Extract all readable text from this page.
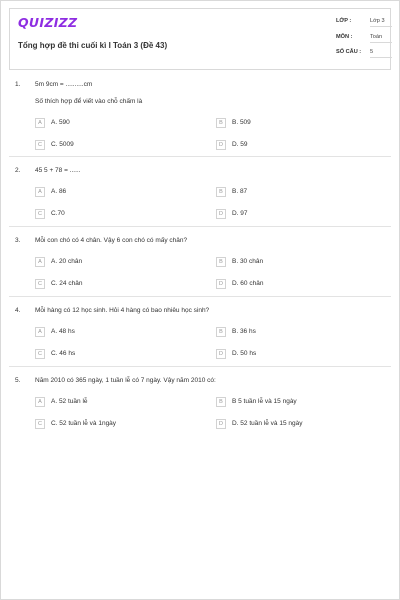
QUIZIZZ
Tổng hợp đề thi cuối kì I Toán 3 (Đề 43)
LỚP :	Lớp 3
MÔN :	Toán
SỐ CÂU : 5
1. 5m 9cm = ..........cm
Số thích hợp để viết vào chỗ chấm là
A	A. 590	B	B. 509
C	C. 5009	D	D. 59
2. 45 5 + 78 = ......
A	A. 86	B	B. 87
C	C.70	D	D. 97
3. Mỗi con chó có 4 chân. Vậy 6 con chó có mấy chân?
A	A. 20 chân	B	B. 30 chân
C	C. 24 chân	D	D. 60 chân
4. Mỗi hàng có 12 học sinh. Hỏi 4 hàng có bao nhiêu học sinh?
A	A. 48 hs	B	B. 36 hs
C	C. 46 hs	D	D. 50 hs
5. Năm 2010 có 365 ngày, 1 tuần lễ có 7 ngày. Vậy năm 2010 có:
A	A. 52 tuần lễ	B	B 5 tuần lễ và 15 ngày
C	C. 52 tuần lễ và 1ngày	D	D. 52 tuần lễ và 15 ngày
